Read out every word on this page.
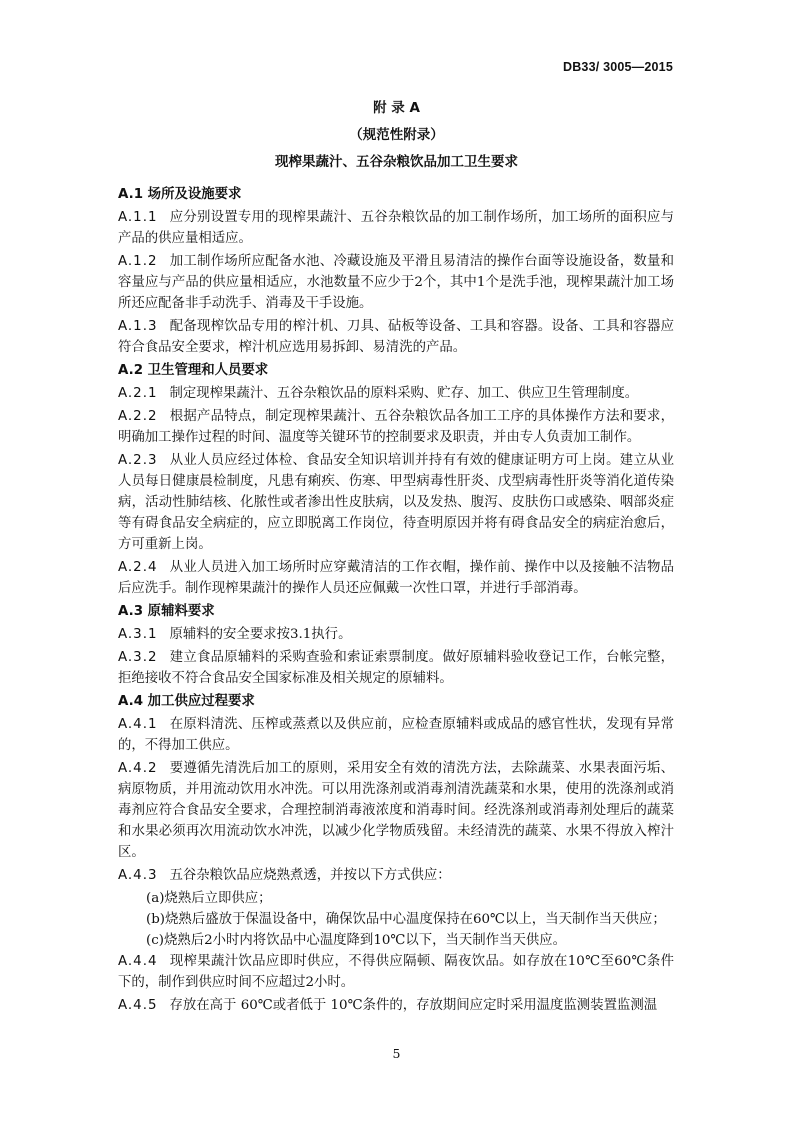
DB33/ 3005—2015
附 录 A
（规范性附录）
现榨果蔬汁、五谷杂粮饮品加工卫生要求
A.1 场所及设施要求
A.1.1 应分别设置专用的现榨果蔬汁、五谷杂粮饮品的加工制作场所，加工场所的面积应与产品的供应量相适应。
A.1.2 加工制作场所应配备水池、冷藏设施及平滑且易清洁的操作台面等设施设备，数量和容量应与产品的供应量相适应，水池数量不应少于2个，其中1个是洗手池，现榨果蔬汁加工场所还应配备非手动洗手、消毒及干手设施。
A.1.3 配备现榨饮品专用的榨汁机、刀具、砧板等设备、工具和容器。设备、工具和容器应符合食品安全要求，榨汁机应选用易拆卸、易清洗的产品。
A.2 卫生管理和人员要求
A.2.1 制定现榨果蔬汁、五谷杂粮饮品的原料采购、贮存、加工、供应卫生管理制度。
A.2.2 根据产品特点，制定现榨果蔬汁、五谷杂粮饮品各加工工序的具体操作方法和要求，明确加工操作过程的时间、温度等关键环节的控制要求及职责，并由专人负责加工制作。
A.2.3 从业人员应经过体检、食品安全知识培训并持有有效的健康证明方可上岗。建立从业人员每日健康晨检制度，凡患有痢疾、伤寒、甲型病毒性肝炎、戊型病毒性肝炎等消化道传染病，活动性肺结核、化脓性或者渗出性皮肤病，以及发热、腹泻、皮肤伤口或感染、咽部炎症等有碍食品安全病症的，应立即脱离工作岗位，待查明原因并将有碍食品安全的病症治愈后，方可重新上岗。
A.2.4 从业人员进入加工场所时应穿戴清洁的工作衣帽，操作前、操作中以及接触不洁物品后应洗手。制作现榨果蔬汁的操作人员还应佩戴一次性口罩，并进行手部消毒。
A.3 原辅料要求
A.3.1 原辅料的安全要求按3.1执行。
A.3.2 建立食品原辅料的采购查验和索证索票制度。做好原辅料验收登记工作，台帐完整，拒绝接收不符合食品安全国家标准及相关规定的原辅料。
A.4 加工供应过程要求
A.4.1 在原料清洗、压榨或蒸煮以及供应前，应检查原辅料或成品的感官性状，发现有异常的，不得加工供应。
A.4.2 要遵循先清洗后加工的原则，采用安全有效的清洗方法，去除蔬菜、水果表面污垢、病原物质，并用流动饮用水冲洗。可以用洗涤剂或消毒剂清洗蔬菜和水果，使用的洗涤剂或消毒剂应符合食品安全要求，合理控制消毒液浓度和消毒时间。经洗涤剂或消毒剂处理后的蔬菜和水果必须再次用流动饮水冲洗，以减少化学物质残留。未经清洗的蔬菜、水果不得放入榨汁区。
A.4.3 五谷杂粮饮品应烧熟煮透，并按以下方式供应：
(a)烧熟后立即供应；
(b)烧熟后盛放于保温设备中，确保饮品中心温度保持在60℃以上，当天制作当天供应；
(c)烧熟后2小时内将饮品中心温度降到10℃以下，当天制作当天供应。
A.4.4 现榨果蔬汁饮品应即时供应，不得供应隔顿、隔夜饮品。如存放在10℃至60℃条件下的，制作到供应时间不应超过2小时。
A.4.5 存放在高于 60℃或者低于 10℃条件的，存放期间应定时采用温度监测装置监测温
5
